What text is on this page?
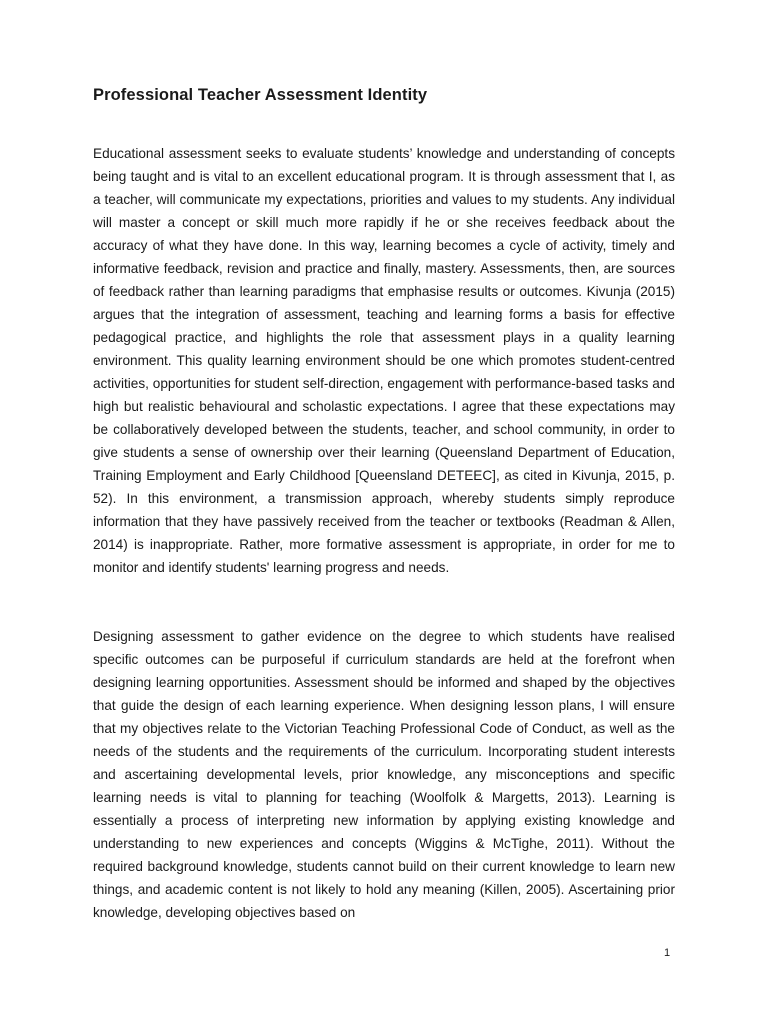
Professional Teacher Assessment Identity

Educational assessment seeks to evaluate students’ knowledge and understanding of concepts being taught and is vital to an excellent educational program. It is through assessment that I, as a teacher, will communicate my expectations, priorities and values to my students. Any individual will master a concept or skill much more rapidly if he or she receives feedback about the accuracy of what they have done. In this way, learning becomes a cycle of activity, timely and informative feedback, revision and practice and finally, mastery. Assessments, then, are sources of feedback rather than learning paradigms that emphasise results or outcomes. Kivunja (2015) argues that the integration of assessment, teaching and learning forms a basis for effective pedagogical practice, and highlights the role that assessment plays in a quality learning environment. This quality learning environment should be one which promotes student-centred activities, opportunities for student self-direction, engagement with performance-based tasks and high but realistic behavioural and scholastic expectations. I agree that these expectations may be collaboratively developed between the students, teacher, and school community, in order to give students a sense of ownership over their learning (Queensland Department of Education, Training Employment and Early Childhood [Queensland DETEEC], as cited in Kivunja, 2015, p. 52). In this environment, a transmission approach, whereby students simply reproduce information that they have passively received from the teacher or textbooks (Readman & Allen, 2014) is inappropriate. Rather, more formative assessment is appropriate, in order for me to monitor and identify students' learning progress and needs.

Designing assessment to gather evidence on the degree to which students have realised specific outcomes can be purposeful if curriculum standards are held at the forefront when designing learning opportunities. Assessment should be informed and shaped by the objectives that guide the design of each learning experience. When designing lesson plans, I will ensure that my objectives relate to the Victorian Teaching Professional Code of Conduct, as well as the needs of the students and the requirements of the curriculum. Incorporating student interests and ascertaining developmental levels, prior knowledge, any misconceptions and specific learning needs is vital to planning for teaching (Woolfolk & Margetts, 2013). Learning is essentially a process of interpreting new information by applying existing knowledge and understanding to new experiences and concepts (Wiggins & McTighe, 2011). Without the required background knowledge, students cannot build on their current knowledge to learn new things, and academic content is not likely to hold any meaning (Killen, 2005). Ascertaining prior knowledge, developing objectives based on

1
